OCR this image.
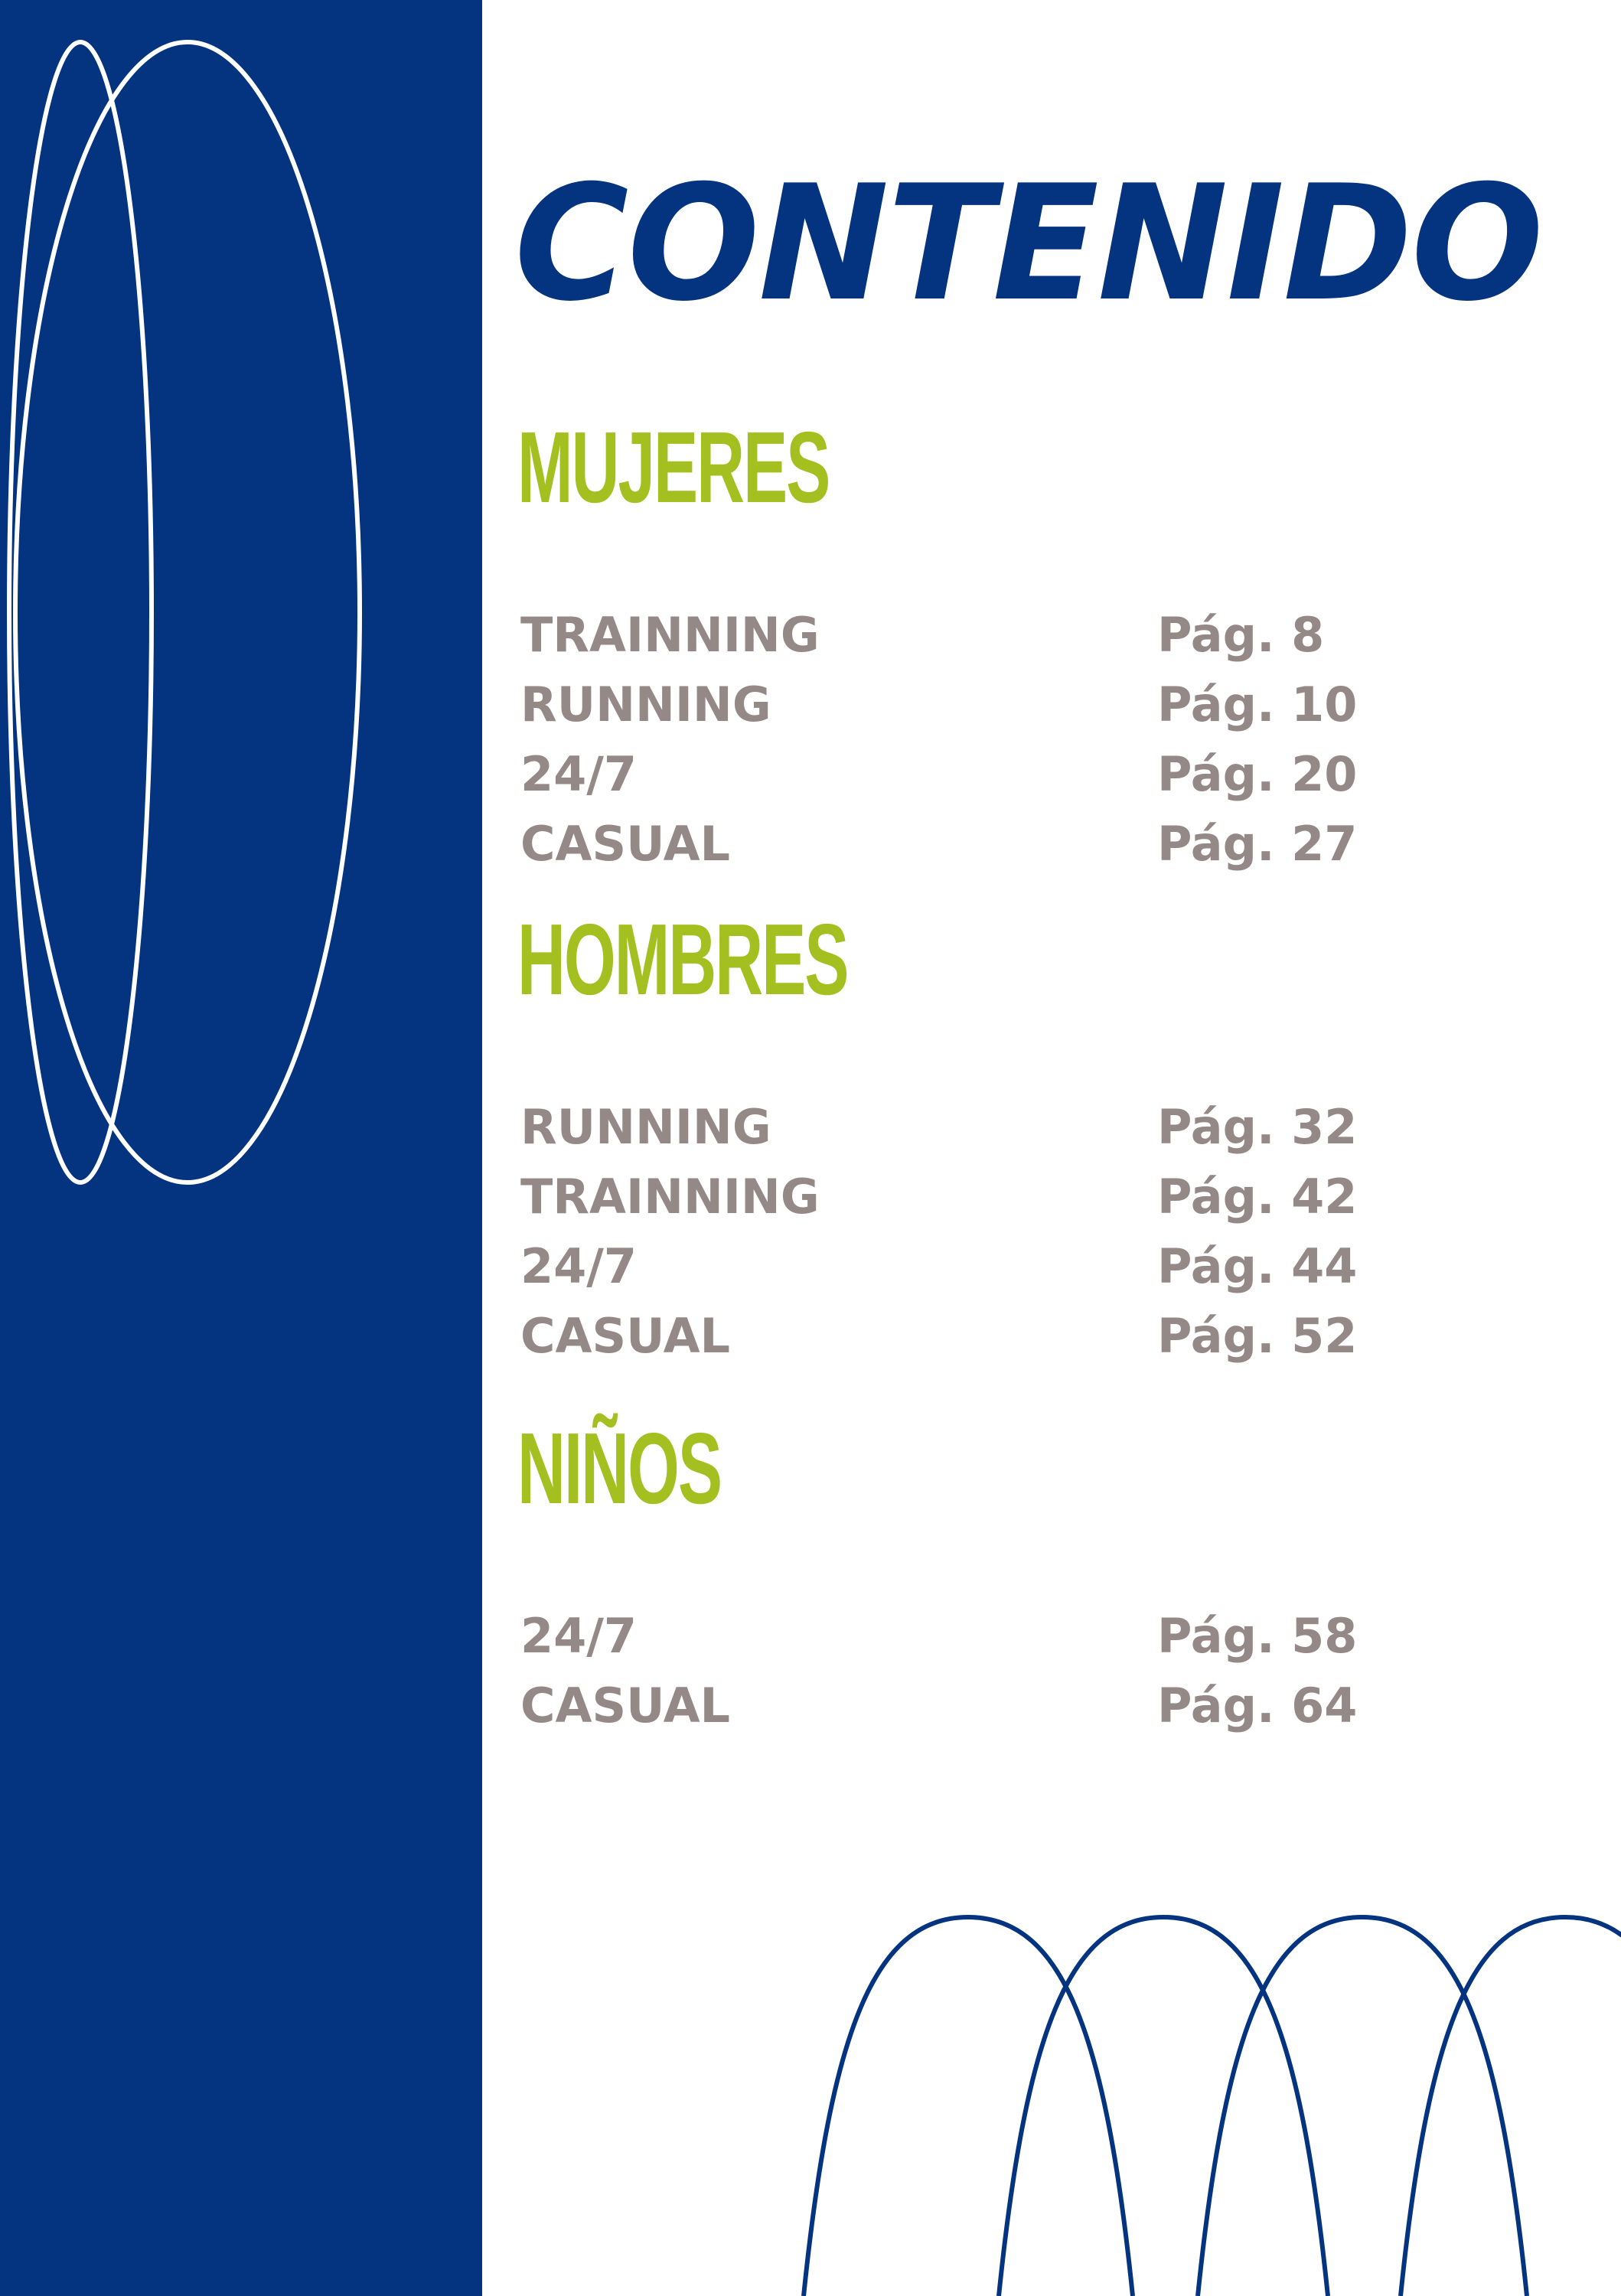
CONTENIDO
MUJERES
TRAINNING	Pág. 8
RUNNING	Pág. 10
24/7	Pág. 20
CASUAL	Pág. 27
HOMBRES
RUNNING	Pág. 32
TRAINNING	Pág. 42
24/7	Pág. 44
CASUAL	Pág. 52
NIÑOS
24/7	Pág. 58
CASUAL	Pág. 64
